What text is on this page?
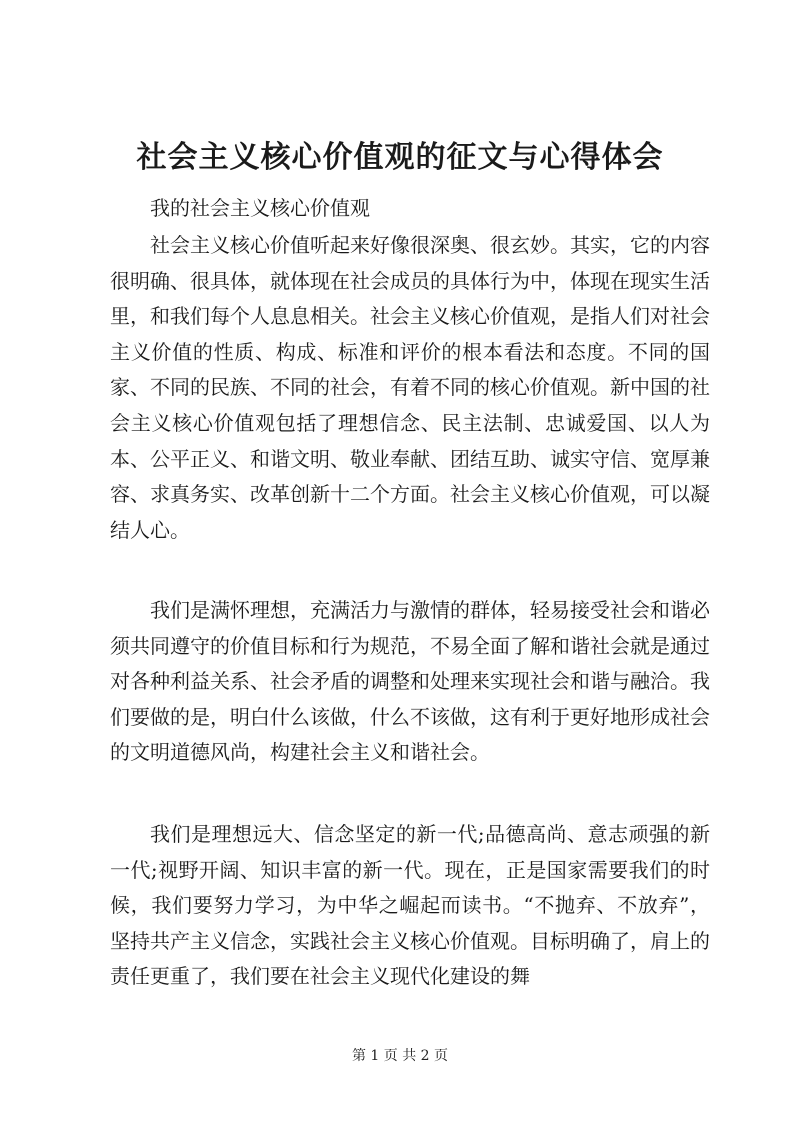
社会主义核心价值观的征文与心得体会
我的社会主义核心价值观

社会主义核心价值听起来好像很深奥、很玄妙。其实，它的内容很明确、很具体，就体现在社会成员的具体行为中，体现在现实生活里，和我们每个人息息相关。社会主义核心价值观，是指人们对社会主义价值的性质、构成、标准和评价的根本看法和态度。不同的国家、不同的民族、不同的社会，有着不同的核心价值观。新中国的社会主义核心价值观包括了理想信念、民主法制、忠诚爱国、以人为本、公平正义、和谐文明、敬业奉献、团结互助、诚实守信、宽厚兼容、求真务实、改革创新十二个方面。社会主义核心价值观，可以凝结人心。

我们是满怀理想，充满活力与激情的群体，轻易接受社会和谐必须共同遵守的价值目标和行为规范，不易全面了解和谐社会就是通过对各种利益关系、社会矛盾的调整和处理来实现社会和谐与融洽。我们要做的是，明白什么该做，什么不该做，这有利于更好地形成社会的文明道德风尚，构建社会主义和谐社会。

我们是理想远大、信念坚定的新一代;品德高尚、意志顽强的新一代;视野开阔、知识丰富的新一代。现在，正是国家需要我们的时候，我们要努力学习，为中华之崛起而读书。“不抛弃、不放弃”，坚持共产主义信念，实践社会主义核心价值观。目标明确了，肩上的责任更重了，我们要在社会主义现代化建设的舞

第 1 页 共 2 页
